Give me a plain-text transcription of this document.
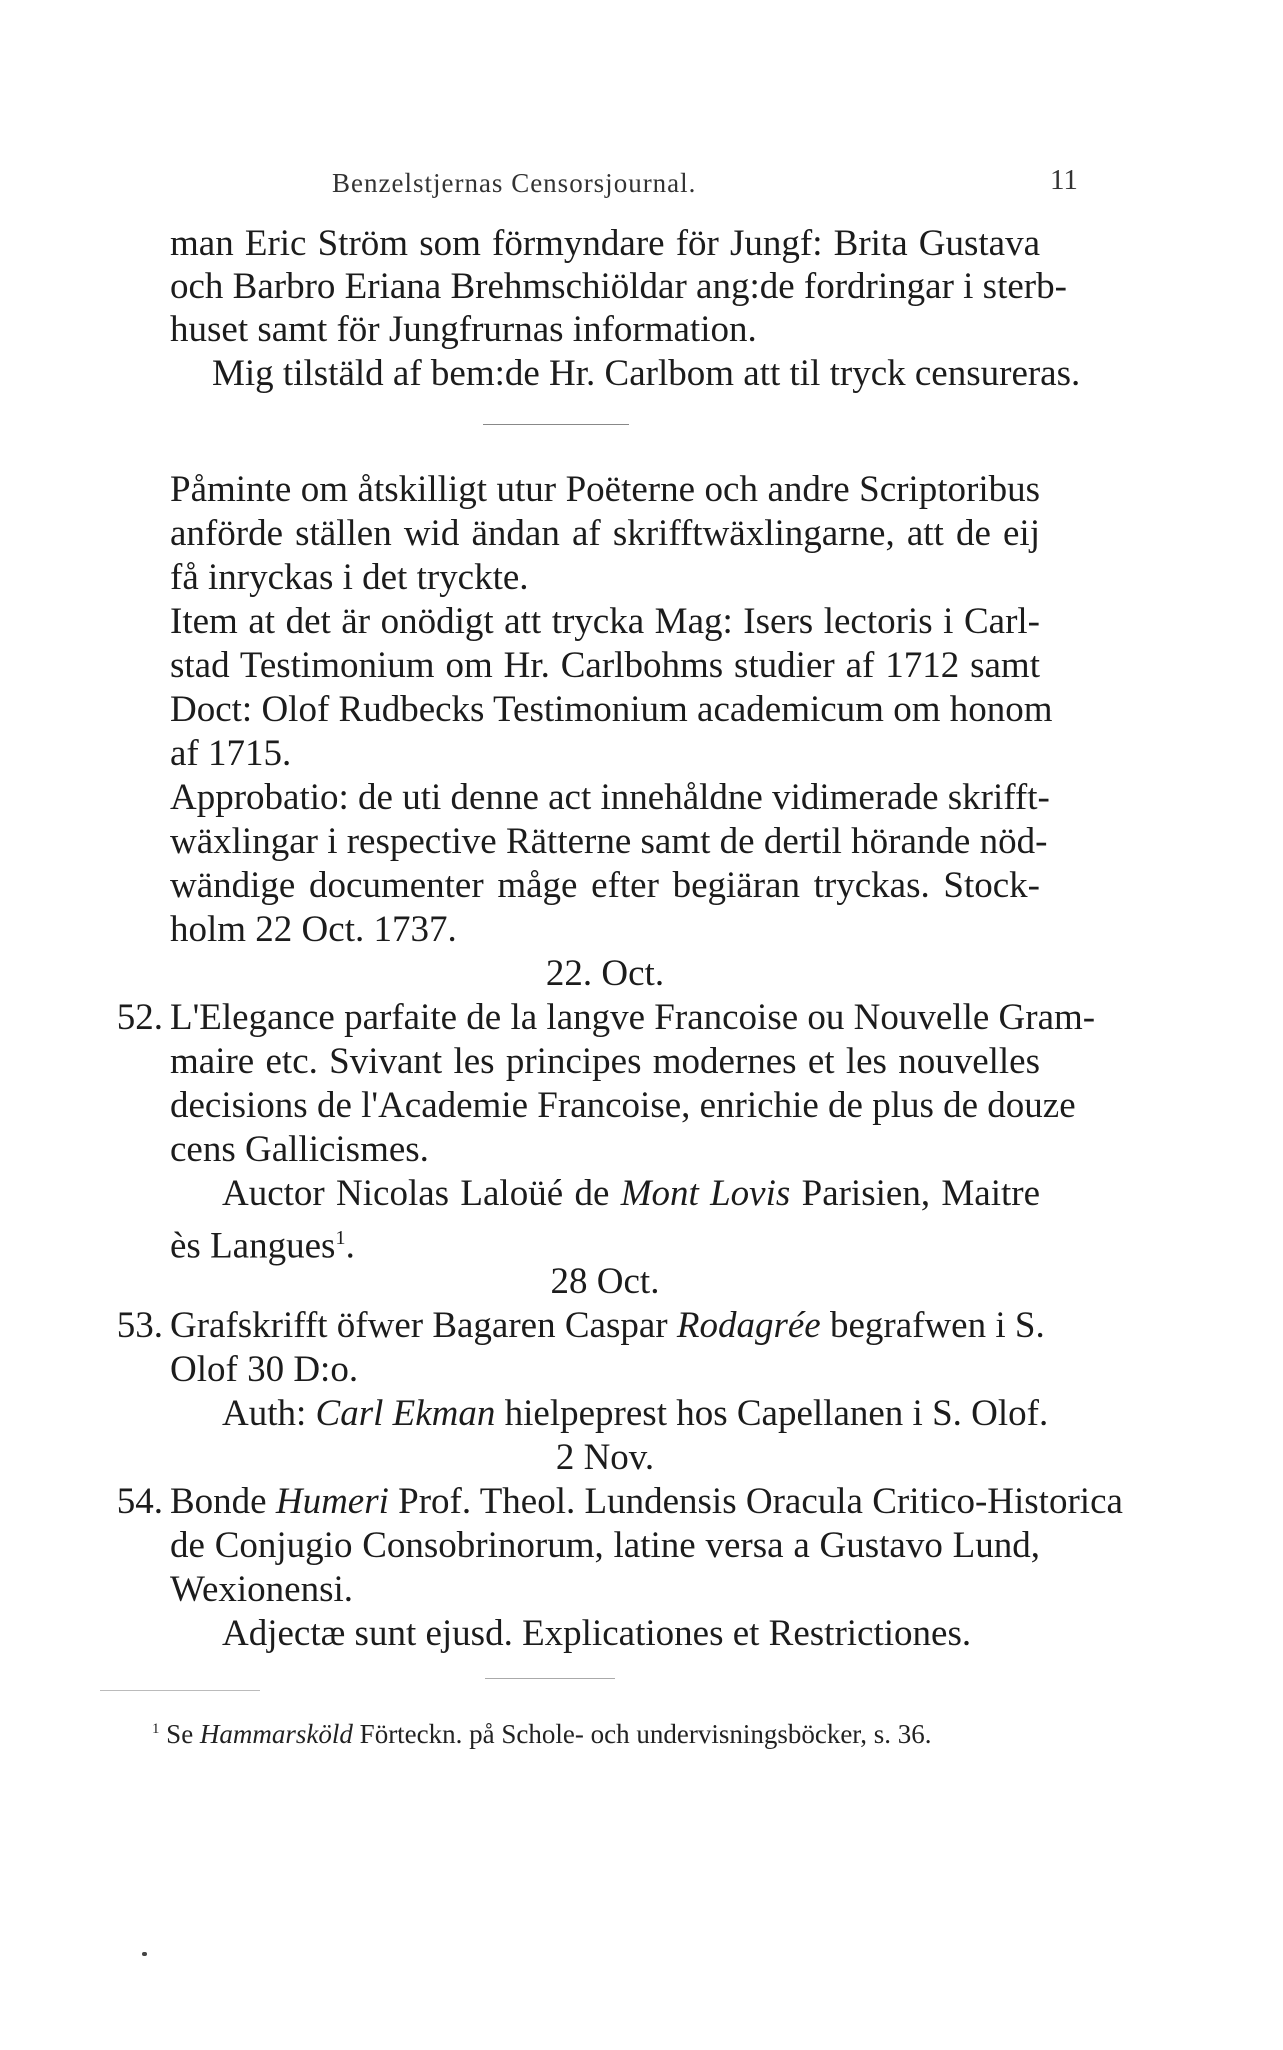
Benzelstjernas Censorsjournal.	11
man Eric Ström som förmyndare för Jungf: Brita Gustava
och Barbro Eriana Brehmschiöldar ang:de fordringar i sterb-
huset samt för Jungfrurnas information.
Mig tilstäld af bem:de Hr. Carlbom att til tryck censureras.
Påminte om åtskilligt utur Poëterne och andre Scriptoribus
anförde ställen wid ändan af skrifftwäxlingarne, att de eij
få inryckas i det tryckte.
Item at det är onödigt att trycka Mag: Isers lectoris i Carl-
stad Testimonium om Hr. Carlbohms studier af 1712 samt
Doct: Olof Rudbecks Testimonium academicum om honom
af 1715.
Approbatio: de uti denne act innehåldne vidimerade skrifft-
wäxlingar i respective Rätterne samt de dertil hörande nöd-
wändige documenter måge efter begiäran tryckas. Stock-
holm 22 Oct. 1737.
22. Oct.
52. L'Elegance parfaite de la langve Francoise ou Nouvelle Gram-
maire etc. Svivant les principes modernes et les nouvelles
decisions de l'Academie Francoise, enrichie de plus de douze
cens Gallicismes.
Auctor Nicolas Laloüé de Mont Lovis Parisien, Maitre
ès Langues$^1$.
28 Oct.
53. Grafskrifft öfwer Bagaren Caspar Rodagrée begrafwen i S.
Olof 30 D:o.
Auth: Carl Ekman hielpeprest hos Capellanen i S. Olof.
2 Nov.
54. Bonde Humeri Prof. Theol. Lundensis Oracula Critico-Historica
de Conjugio Consobrinorum, latine versa a Gustavo Lund,
Wexionensi.
Adjectæ sunt ejusd. Explicationes et Restrictiones.
$^1$ Se Hammarsköld Förteckn. på Schole- och undervisningsböcker, s. 36.
